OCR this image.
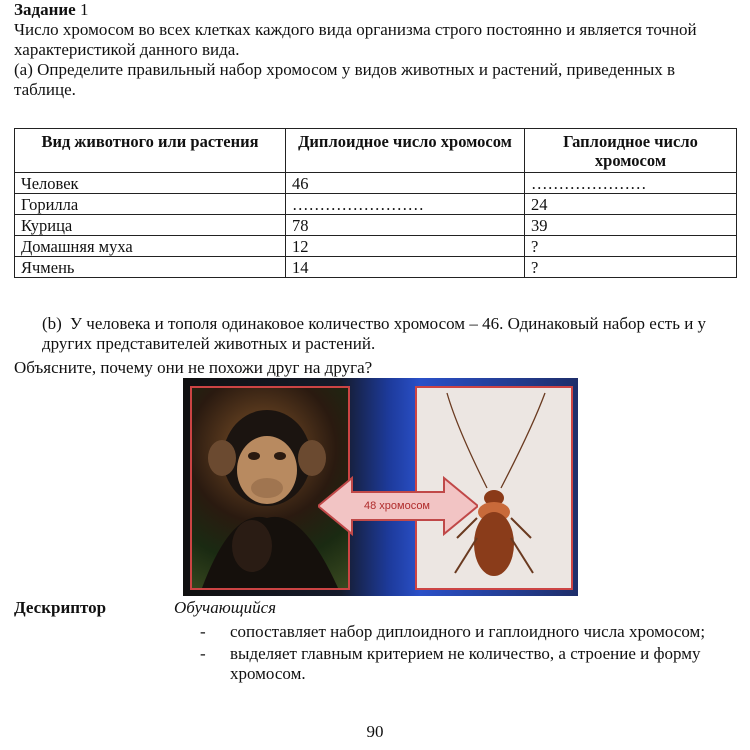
Задание 1

Число хромосом во всех клетках каждого вида организма строго постоянно и является точной характеристикой данного вида.

(a) Определите правильный набор хромосом у видов животных и растений, приведенных в таблице.

Вид животного или растения	Диплоидное число хромосом	Гаплоидное число хромосом
Человек	46	…………………
Горилла	……………………	24
Курица	78	39
Домашняя муха	12	?
Ячмень	14	?
(b) У человека и тополя одинаковое количество хромосом – 46. Одинаковый набор есть и у других представителей животных и растений.
Объясните, почему они не похожи друг на друга?
48 хромосом
Дескриптор	Обучающийся
- сопоставляет набор диплоидного и гаплоидного числа хромосом;
- выделяет главным критерием не количество, а строение и форму хромосом.
90
